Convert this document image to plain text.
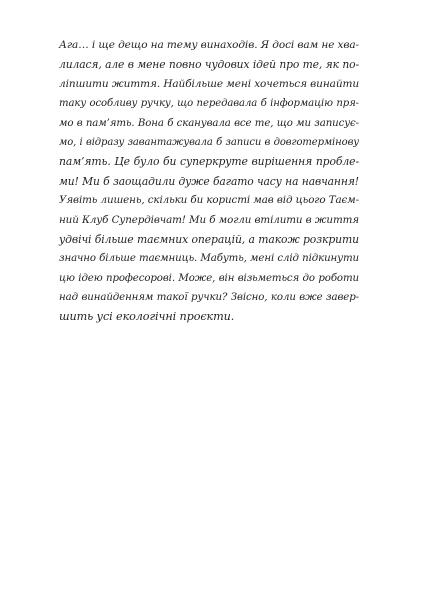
Ага… і ще дещо на тему винаходів. Я досі вам не хва-
лилася, але в мене повно чудових ідей про те, як по-
ліпшити життя. Найбільше мені хочеться винайти
таку особливу ручку, що передавала б інформацію пря-
мо в пам’ять. Вона б сканувала все те, що ми записує-
мо, і відразу завантажувала б записи в довготермінову
пам’ять. Це було би суперкруте вирішення пробле-
ми! Ми б заощадили дуже багато часу на навчання!
Уявіть лишень, скільки би користі мав від цього Таєм-
ний Клуб Супердівчат! Ми б могли втілити в життя
удвічі більше таємних операцій, а також розкрити
значно більше таємниць. Мабуть, мені слід підкинути
цю ідею професорові. Може, він візьметься до роботи
над винайденням такої ручки? Звісно, коли вже завер-
шить усі екологічні проєкти.
